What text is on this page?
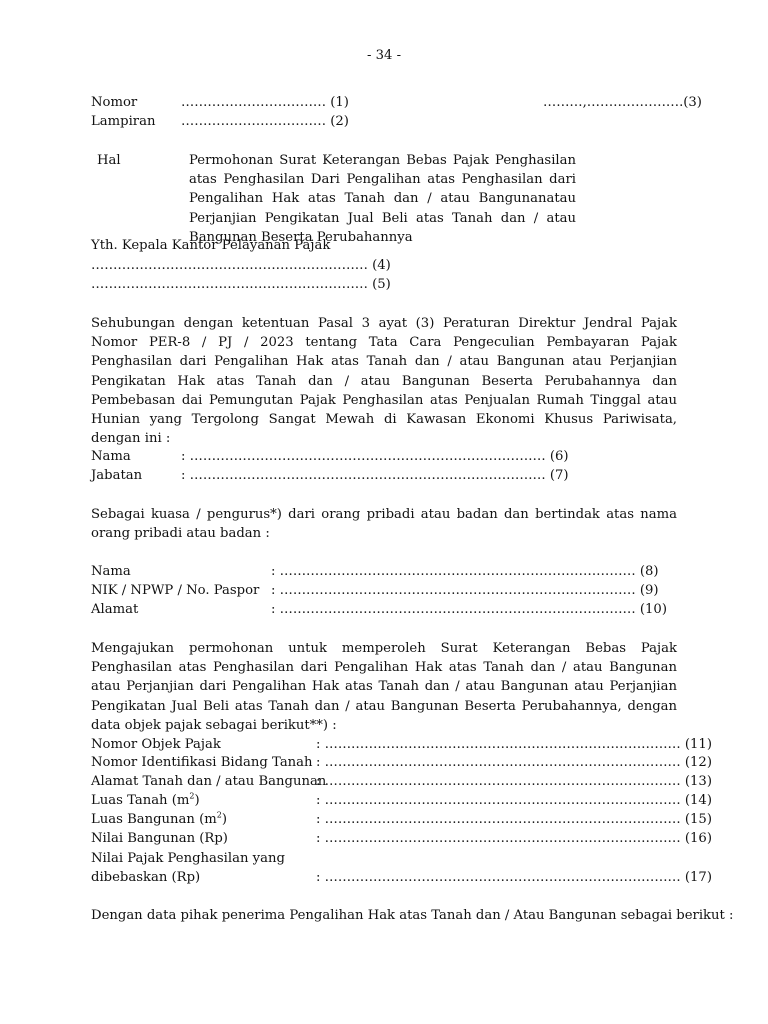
- 34 -
Nomor	…………………………… (1)	………,………………….(3)
Lampiran …………………………… (2)
Hal	Permohonan Surat Keterangan Bebas Pajak Penghasilan atas Penghasilan Dari Pengalihan atas Penghasilan dari Pengalihan Hak atas Tanah dan / atau Bangunanatau Perjanjian Pengikatan Jual Beli atas Tanah dan / atau Bangunan Beserta Perubahannya
Yth. Kepala Kantor Pelayanan Pajak
……………………………………………………… (4)
……………………………………………………… (5)
Sehubungan dengan ketentuan Pasal 3 ayat (3) Peraturan Direktur Jendral Pajak Nomor PER-8 / PJ / 2023 tentang Tata Cara Pengeculian Pembayaran Pajak Penghasilan dari Pengalihan Hak atas Tanah dan / atau Bangunan atau Perjanjian Pengikatan Hak atas Tanah dan / atau Bangunan Beserta Perubahannya dan Pembebasan dai Pemungutan Pajak Penghasilan atas Penjualan Rumah Tinggal atau Hunian yang Tergolong Sangat Mewah di Kawasan Ekonomi Khusus Pariwisata, dengan ini :
Nama	: ……………………………………………………………………… (6)
Jabatan	: ……………………………………………………………………… (7)
Sebagai kuasa / pengurus*) dari orang pribadi atau badan dan bertindak atas nama orang pribadi atau badan :
Nama	: ……………………………………………………………………… (8)
NIK / NPWP / No. Paspor : ……………………………………………………………………… (9)
Alamat	: ……………………………………………………………………… (10)
Mengajukan permohonan untuk memperoleh Surat Keterangan Bebas Pajak Penghasilan atas Penghasilan dari Pengalihan Hak atas Tanah dan / atau Bangunan atau Perjanjian dari Pengalihan Hak atas Tanah dan / atau Bangunan atau Perjanjian Pengikatan Jual Beli atas Tanah dan / atau Bangunan Beserta Perubahannya, dengan data objek pajak sebagai berikut**) :
Nomor Objek Pajak	: ……………………………………………………………………… (11)
Nomor Identifikasi Bidang Tanah : ……………………………………………………………………… (12)
Alamat Tanah dan / atau Bangunan
: ……………………………………………………………………… (13)
Luas Tanah $(m^2)$	: ……………………………………………………………………… (14)
Luas Bangunan $(m^2)$	: ……………………………………………………………………… (15)
Nilai Bangunan (Rp)	: ……………………………………………………………………… (16)
Nilai Pajak Penghasilan yang
dibebaskan (Rp)	: ……………………………………………………………………… (17)
Dengan data pihak penerima Pengalihan Hak atas Tanah dan / Atau Bangunan sebagai berikut :
